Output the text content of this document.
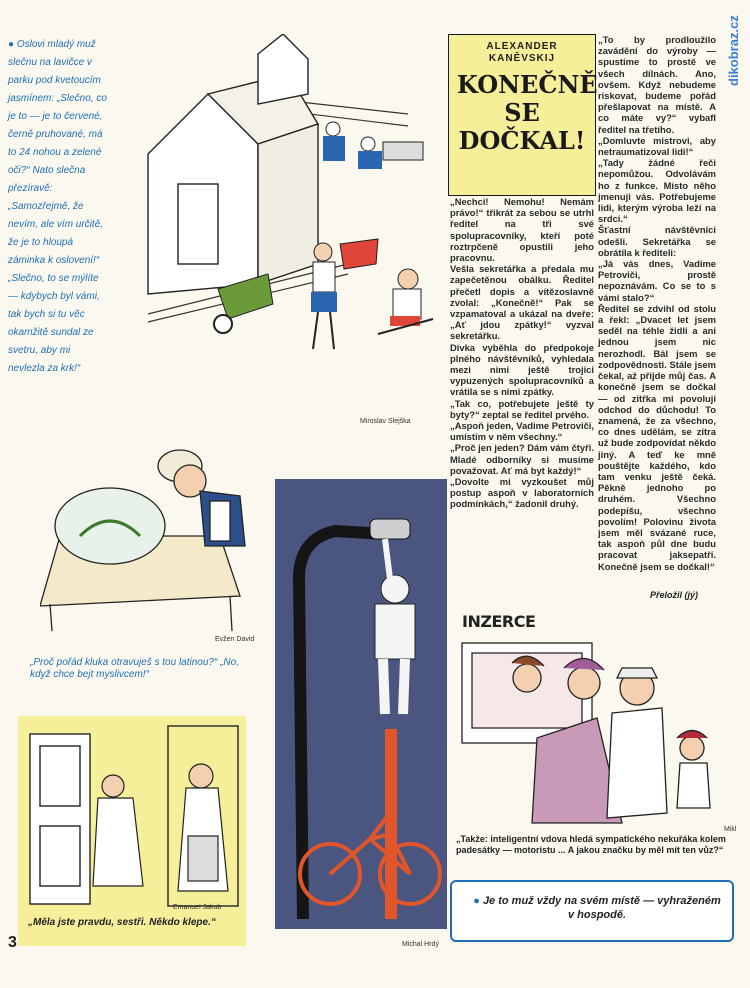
dikobraz.cz
● Oslovi mladý muž slečnu na lavičce v parku pod kvetoucím jasmínem: „Slečno, co je to — je to červené, černě pruhované, má to 24 nohou a zelené oči?“ Nato slečna přezíravě: „Samozřejmě, že nevím, ale vím určitě, že je to hloupá záminka k oslovení!“ „Slečno, to se mýlíte — kdybych byl vámi, tak bych si tu věc okamžitě sundal ze svetru, aby mi nevlezla za krk!“
Miroslav Slejška
ALEXANDER KANĚVSKIJ
KONEČNĚ SE DOČKAL!
„Nechci! Nemohu! Nemám právo!“ třikrát za sebou se utrhl ředitel na tři své spolupracovníky, kteří poté roztrpčeně opustili jeho pracovnu.
Vešla sekretářka a předala mu zapečetěnou obálku. Ředitel přečetl dopis a vítězoslavně zvolal: „Konečně!“ Pak se vzpamatoval a ukázal na dveře: „Ať jdou zpátky!“ vyzval sekretářku.
Dívka vyběhla do předpokoje plného návštěvníků, vyhledala mezi nimi ještě trojici vypuzených spolupracovníků a vrátila se s nimi zpátky.
„Tak co, potřebujete ještě ty byty?“ zeptal se ředitel prvého.
„Aspoň jeden, Vadime Petroviči, umístím v něm všechny.“
„Proč jen jeden? Dám vám čtyři. Mladé odborníky si musíme považovat. Ať má byt každý!“
„Dovolte mi vyzkoušet můj postup aspoň v laboratorních podmínkách,“ žadonil druhý.
„To by prodloužilo zavádění do výroby — spustíme to prostě ve všech dílnách. Ano, ovšem. Když nebudeme riskovat, budeme pořád přešlapovat na místě. A co máte vy?“ vybafl ředitel na třetího.
„Domluvte mistrovi, aby netraumatizoval lidi!“
„Tady žádné řeči nepomůžou. Odvolávám ho z funkce. Místo něho jmenuji vás. Potřebujeme lidi, kterým výroba leží na srdci.“
Šťastní návštěvníci odešli. Sekretářka se obrátila k řediteli:
„Já vás dnes, Vadime Petroviči, prostě nepoznávám. Co se to s vámi stalo?“
Ředitel se zdvihl od stolu a řekl: „Dvacet let jsem seděl na téhle židli a ani jednou jsem nic nerozhodl. Bál jsem se zodpovědnosti. Stále jsem čekal, až přijde můj čas. A konečně jsem se dočkal — od zítřka mi povolují odchod do důchodu! To znamená, že za všechno, co dnes udělám, se zítra už bude zodpovídat někdo jiný. A teď ke mně pouštějte každého, kdo tam venku ještě čeká. Pěkně jednoho po druhém. Všechno podepíšu, všechno povolím! Polovinu života jsem měl svázané ruce, tak aspoň půl dne budu pracovat jaksepatří. Konečně jsem se dočkal!“
Přeložil (jý)
Evžen David
„Proč pořád kluka otravuješ s tou latinou?“ „No, když chce bejt myslivcem!“
Emanuel Jakub
„Měla jste pravdu, sestři. Někdo klepe.“
3	Michal Hrdý
INZERCE
Mikl
„Takže: inteligentní vdova hledá sympatického nekuřáka kolem padesátky — motoristu ... A jakou značku by měl mít ten vůz?“
● Je to muž vždy na svém místě — vyhraženém v hospodě.
